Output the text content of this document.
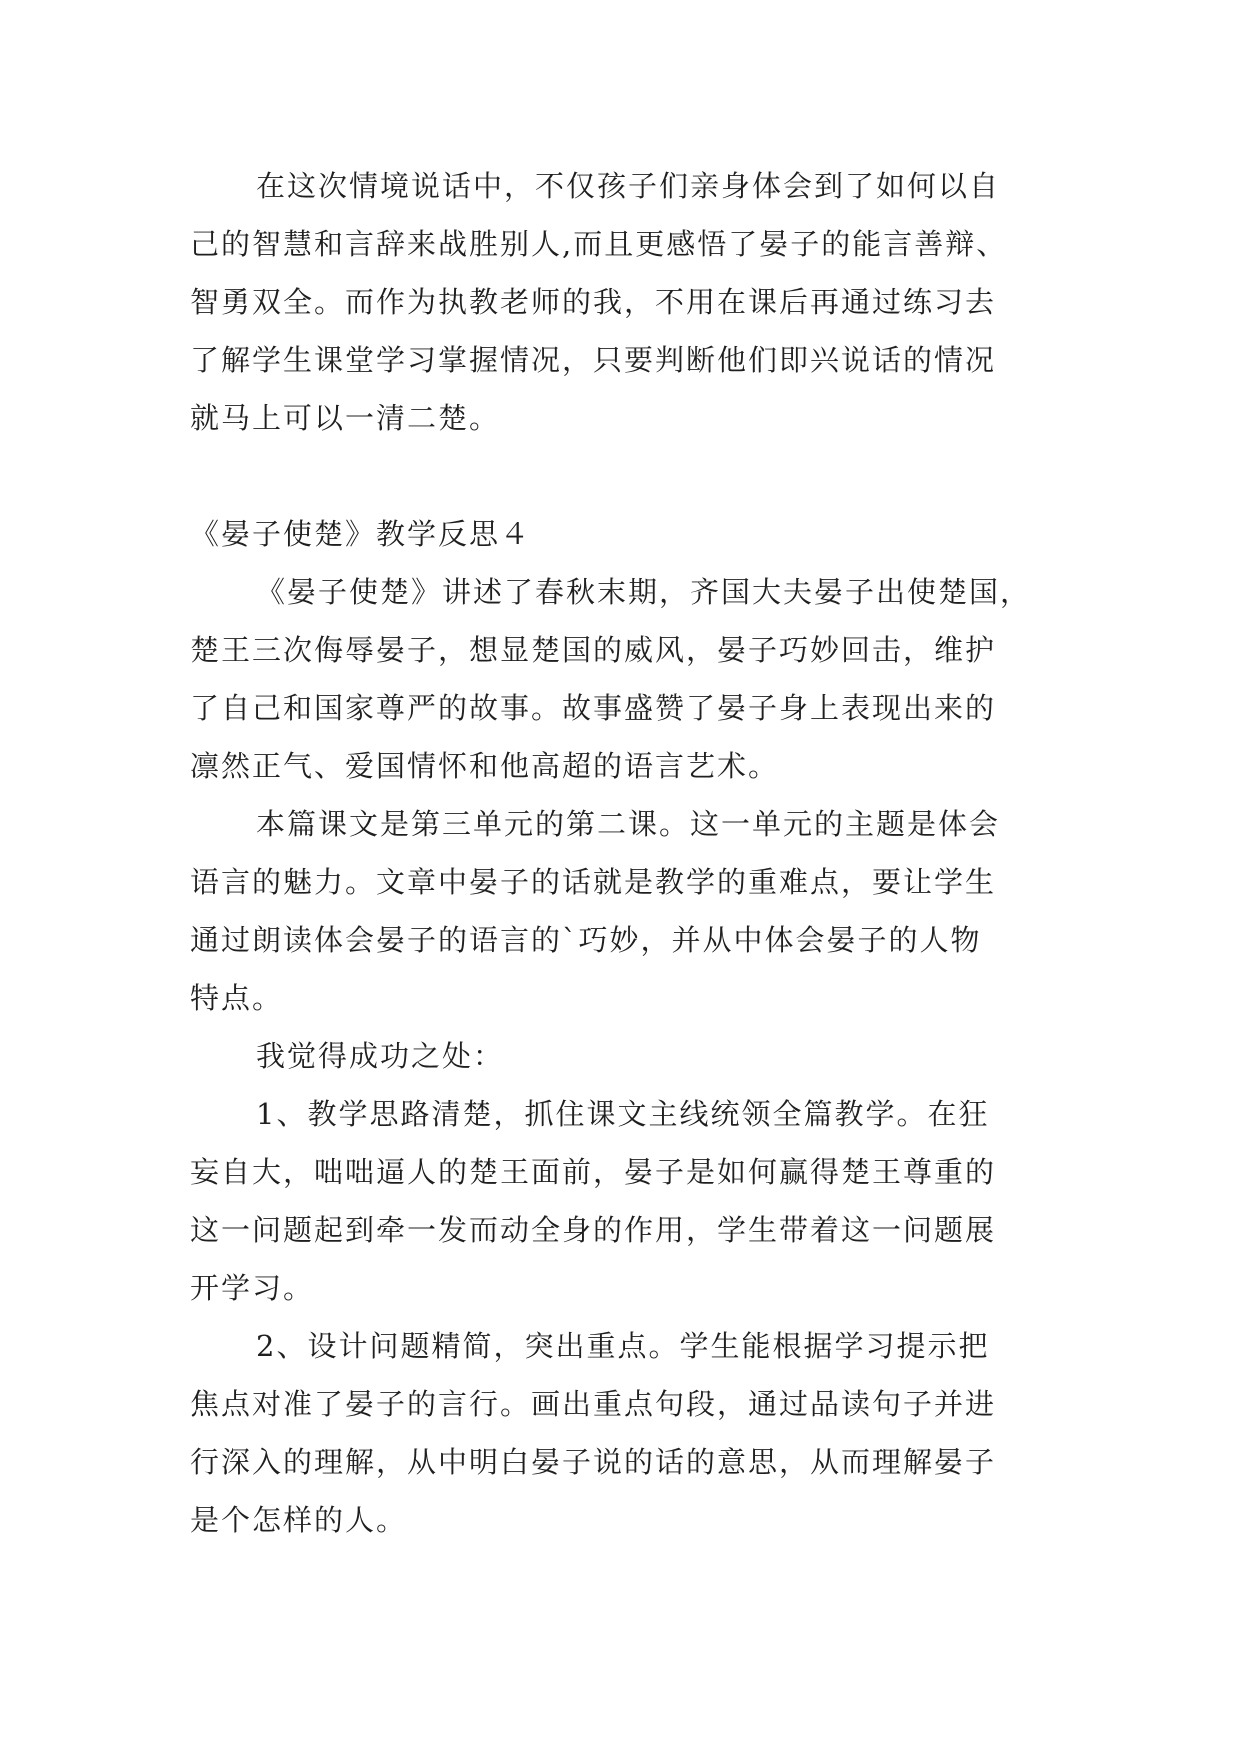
在这次情境说话中，不仅孩子们亲身体会到了如何以自
己的智慧和言辞来战胜别人,而且更感悟了晏子的能言善辩、
智勇双全。而作为执教老师的我，不用在课后再通过练习去
了解学生课堂学习掌握情况，只要判断他们即兴说话的情况
就马上可以一清二楚。
《晏子使楚》教学反思４
《晏子使楚》讲述了春秋末期，齐国大夫晏子出使楚国，
楚王三次侮辱晏子，想显楚国的威风，晏子巧妙回击，维护
了自己和国家尊严的故事。故事盛赞了晏子身上表现出来的
凛然正气、爱国情怀和他高超的语言艺术。
本篇课文是第三单元的第二课。这一单元的主题是体会
语言的魅力。文章中晏子的话就是教学的重难点，要让学生
通过朗读体会晏子的语言的`巧妙，并从中体会晏子的人物
特点。
我觉得成功之处：
1、教学思路清楚，抓住课文主线统领全篇教学。在狂
妄自大，咄咄逼人的楚王面前，晏子是如何赢得楚王尊重的
这一问题起到牵一发而动全身的作用，学生带着这一问题展
开学习。
2、设计问题精简，突出重点。学生能根据学习提示把
焦点对准了晏子的言行。画出重点句段，通过品读句子并进
行深入的理解，从中明白晏子说的话的意思，从而理解晏子
是个怎样的人。
